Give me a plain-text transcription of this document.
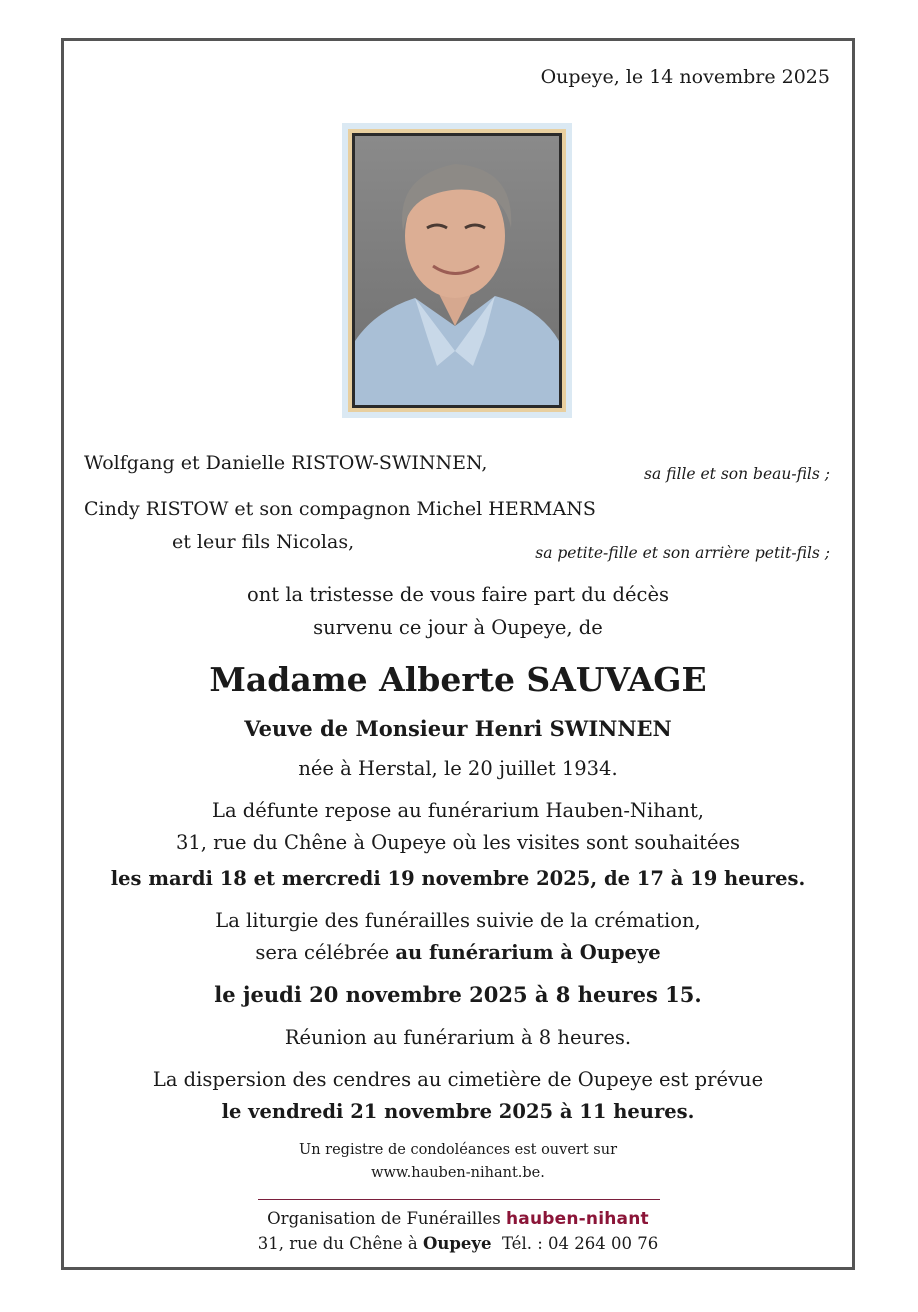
Oupeye, le 14 novembre 2025
Wolfgang et Danielle RISTOW-SWINNEN,	sa fille et son beau-fils ;
Cindy RISTOW et son compagnon Michel HERMANS
et leur fils Nicolas,	sa petite-fille et son arrière petit-fils ;
ont la tristesse de vous faire part du décès
survenu ce jour à Oupeye, de
Madame Alberte SAUVAGE
Veuve de Monsieur Henri SWINNEN
née à Herstal, le 20 juillet 1934.
La défunte repose au funérarium Hauben-Nihant,
31, rue du Chêne à Oupeye où les visites sont souhaitées
les mardi 18 et mercredi 19 novembre 2025, de 17 à 19 heures.
La liturgie des funérailles suivie de la crémation,
sera célébrée au funérarium à Oupeye
le jeudi 20 novembre 2025 à 8 heures 15.
Réunion au funérarium à 8 heures.
La dispersion des cendres au cimetière de Oupeye est prévue
le vendredi 21 novembre 2025 à 11 heures.
Un registre de condoléances est ouvert sur
www.hauben-nihant.be.
Organisation de Funérailles hauben-nihant
31, rue du Chêne à Oupeye Tél. : 04 264 00 76
